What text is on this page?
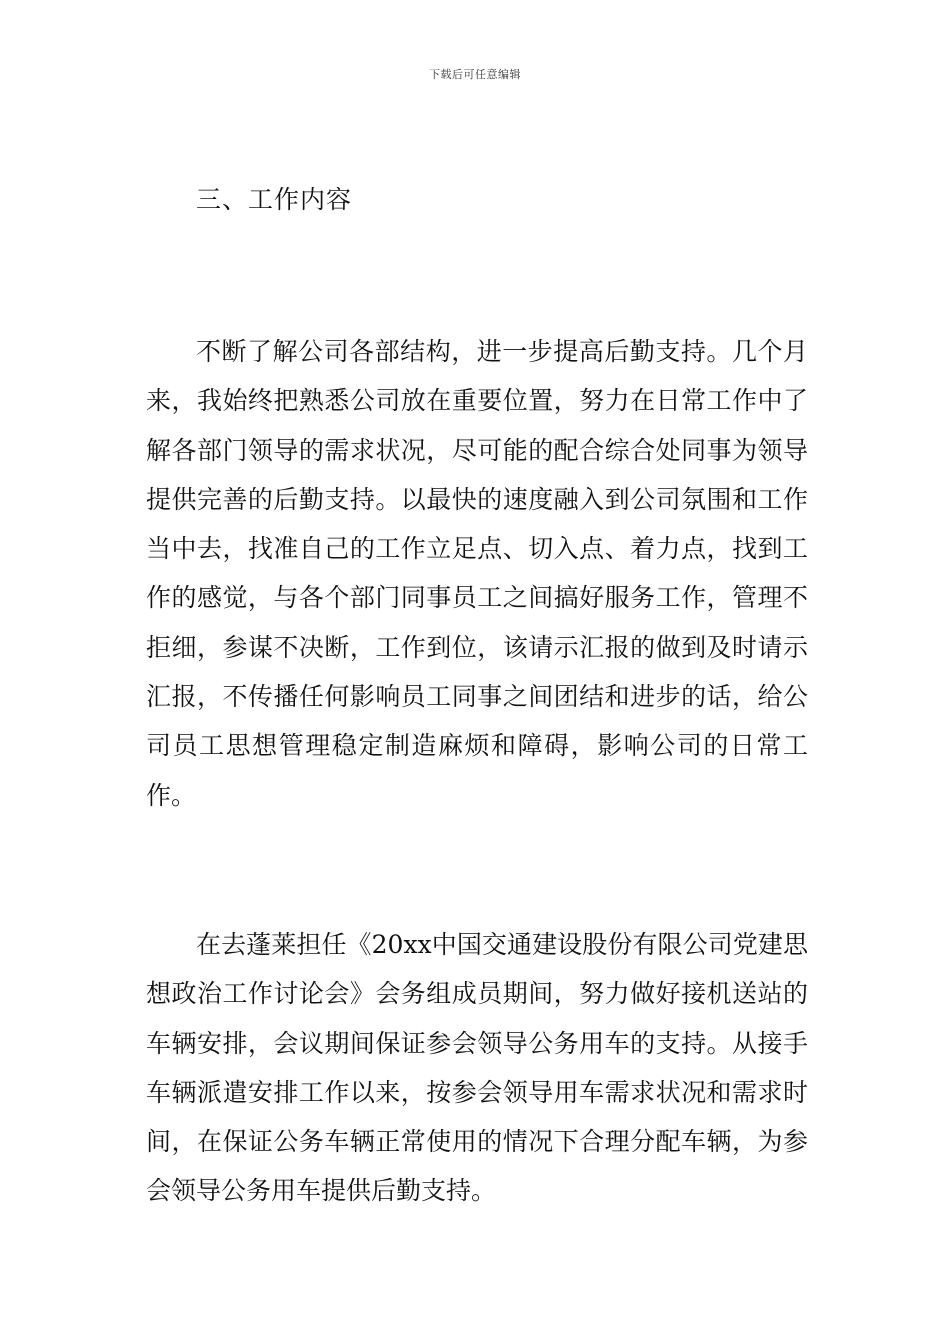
下载后可任意编辑
三、工作内容

不断了解公司各部结构，进一步提高后勤支持。几个月来，我始终把熟悉公司放在重要位置，努力在日常工作中了解各部门领导的需求状况，尽可能的配合综合处同事为领导提供完善的后勤支持。以最快的速度融入到公司氛围和工作当中去，找准自己的工作立足点、切入点、着力点，找到工作的感觉，与各个部门同事员工之间搞好服务工作，管理不拒细，参谋不决断，工作到位，该请示汇报的做到及时请示汇报，不传播任何影响员工同事之间团结和进步的话，给公司员工思想管理稳定制造麻烦和障碍，影响公司的日常工作。

在去蓬莱担任《20xx中国交通建设股份有限公司党建思想政治工作讨论会》会务组成员期间，努力做好接机送站的车辆安排，会议期间保证参会领导公务用车的支持。从接手车辆派遣安排工作以来，按参会领导用车需求状况和需求时间，在保证公务车辆正常使用的情况下合理分配车辆，为参会领导公务用车提供后勤支持。
